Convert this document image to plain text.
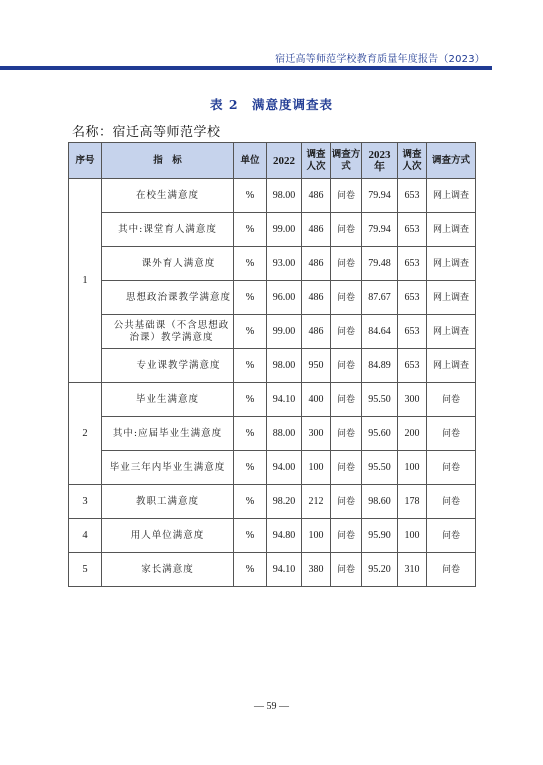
宿迁高等师范学校教育质量年度报告（2023）
表 2　满意度调查表
名称：宿迁高等师范学校
序号	指　标	单位	2022	调查人次	调查方式	2023 年	调查人次	调查方式
1	在校生满意度	%	98.00	486	问卷	79.94	653	网上调查
	其中:课堂育人满意度	%	99.00	486	问卷	79.94	653	网上调查
	课外育人满意度	%	93.00	486	问卷	79.48	653	网上调查
	思想政治课教学满意度	%	96.00	486	问卷	87.67	653	网上调查
	公共基础课（不含思想政治课）教学满意度	%	99.00	486	问卷	84.64	653	网上调查
	专业课教学满意度	%	98.00	950	问卷	84.89	653	网上调查
2	毕业生满意度	%	94.10	400	问卷	95.50	300	问卷
	其中:应届毕业生满意度	%	88.00	300	问卷	95.60	200	问卷
	毕业三年内毕业生满意度	%	94.00	100	问卷	95.50	100	问卷
3	教职工满意度	%	98.20	212	问卷	98.60	178	问卷
4	用人单位满意度	%	94.80	100	问卷	95.90	100	问卷
5	家长满意度	%	94.10	380	问卷	95.20	310	问卷
— 59 —
